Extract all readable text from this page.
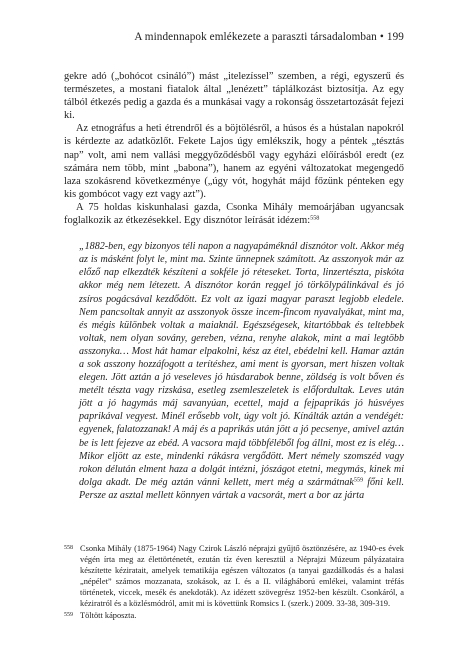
A mindennapok emlékezete a paraszti társadalomban • 199

gekre adó („bohócot csináló”) mást „itelezíssel” szemben, a régi, egyszerű és természetes, a mostani fiatalok által „lenézett” táplálkozást biztosítja. Az egy tálból étkezés pedig a gazda és a munkásai vagy a rokonság összetartozását fejezi ki.

Az etnográfus a heti étrendről és a böjtölésről, a húsos és a hústalan napokról is kérdezte az adatközlőt. Fekete Lajos úgy emlékszik, hogy a péntek „tésztás nap” volt, ami nem vallási meggyőződésből vagy egyházi előírásból eredt (ez számára nem több, mint „babona”), hanem az egyéni változatokat megengedő laza szokásrend következménye („úgy vót, hogyhát májd főzünk pénteken egy kis gombócot vagy ezt vagy azt”).

A 75 holdas kiskunhalasi gazda, Csonka Mihály memoárjában ugyancsak foglalkozik az étkezésekkel. Egy disznótor leírását idézem:$^{558}$

„1882-ben, egy bizonyos téli napon a nagyapáméknál disznótor volt. Akkor még az is másként folyt le, mint ma. Szinte ünnepnek számított. Az asszonyok már az előző nap elkezdték készíteni a sokféle jó réteseket. Torta, linzertészta, piskóta akkor még nem létezett. A disznótor korán reggel jó törkölypálinkával és jó zsíros pogácsával kezdődött. Ez volt az igazi magyar paraszt legjobb eledele. Nem pancsoltak annyit az asszonyok össze incem-fincom nyavalyákat, mint ma, és mégis különbek voltak a maiaknál. Egészségesek, kitartóbbak és teltebbek voltak, nem olyan sovány, gereben, vézna, renyhe alakok, mint a mai legtöbb asszonyka… Most hát hamar elpakolni, kész az étel, ebédelni kell. Hamar aztán a sok asszony hozzáfogott a terítéshez, ami ment is gyorsan, mert hiszen voltak elegen. Jött aztán a jó veseleves jó húsdarabok benne, zöldség is volt bőven és metélt tészta vagy rizskása, esetleg zsemleszeletek is előfordultak. Leves után jött a jó hagymás máj savanyúan, ecettel, majd a fejpaprikás jó húsvéyes paprikával vegyest. Minél erősebb volt, úgy volt jó. Kínálták aztán a vendégét: egyenek, falatozzanak! A máj és a paprikás után jött a jó pecsenye, amivel aztán be is lett fejezve az ebéd. A vacsora majd többféléből fog állni, most ez is elég… Mikor eljött az este, mindenki rákásra vergődött. Mert némely szomszéd vagy rokon délután elment haza a dolgát intézni, jószágot etetni, megymás, kinek mi dolga akadt. De még aztán vánni kellett, mert még a szármátnak$^{559}$ főni kell. Persze az asztal mellett könnyen vártak a vacsorát, mert a bor az járta
558 Csonka Mihály (1875-1964) Nagy Czirok László néprajzi gyűjtő ösztönzésére, az 1940-es évek végén írta meg az élettörténetét, ezután tíz éven keresztül a Néprajzi Múzeum pályázataira készítette kéziratait, amelyek tematikája egészen változatos (a tanyai gazdálkodás és a halasi „népélet” számos mozzanata, szokások, az I. és a II. világháború emlékei, valamint tréfás történetek, viccek, mesék és anekdoták). Az idézett szövegrész 1952-ben készült. Csonkáról, a kéziratról és a közlésmódról, amit mi is követtünk Romsics I. (szerk.) 2009. 33-38, 309-319.
559 Töltött káposzta.
